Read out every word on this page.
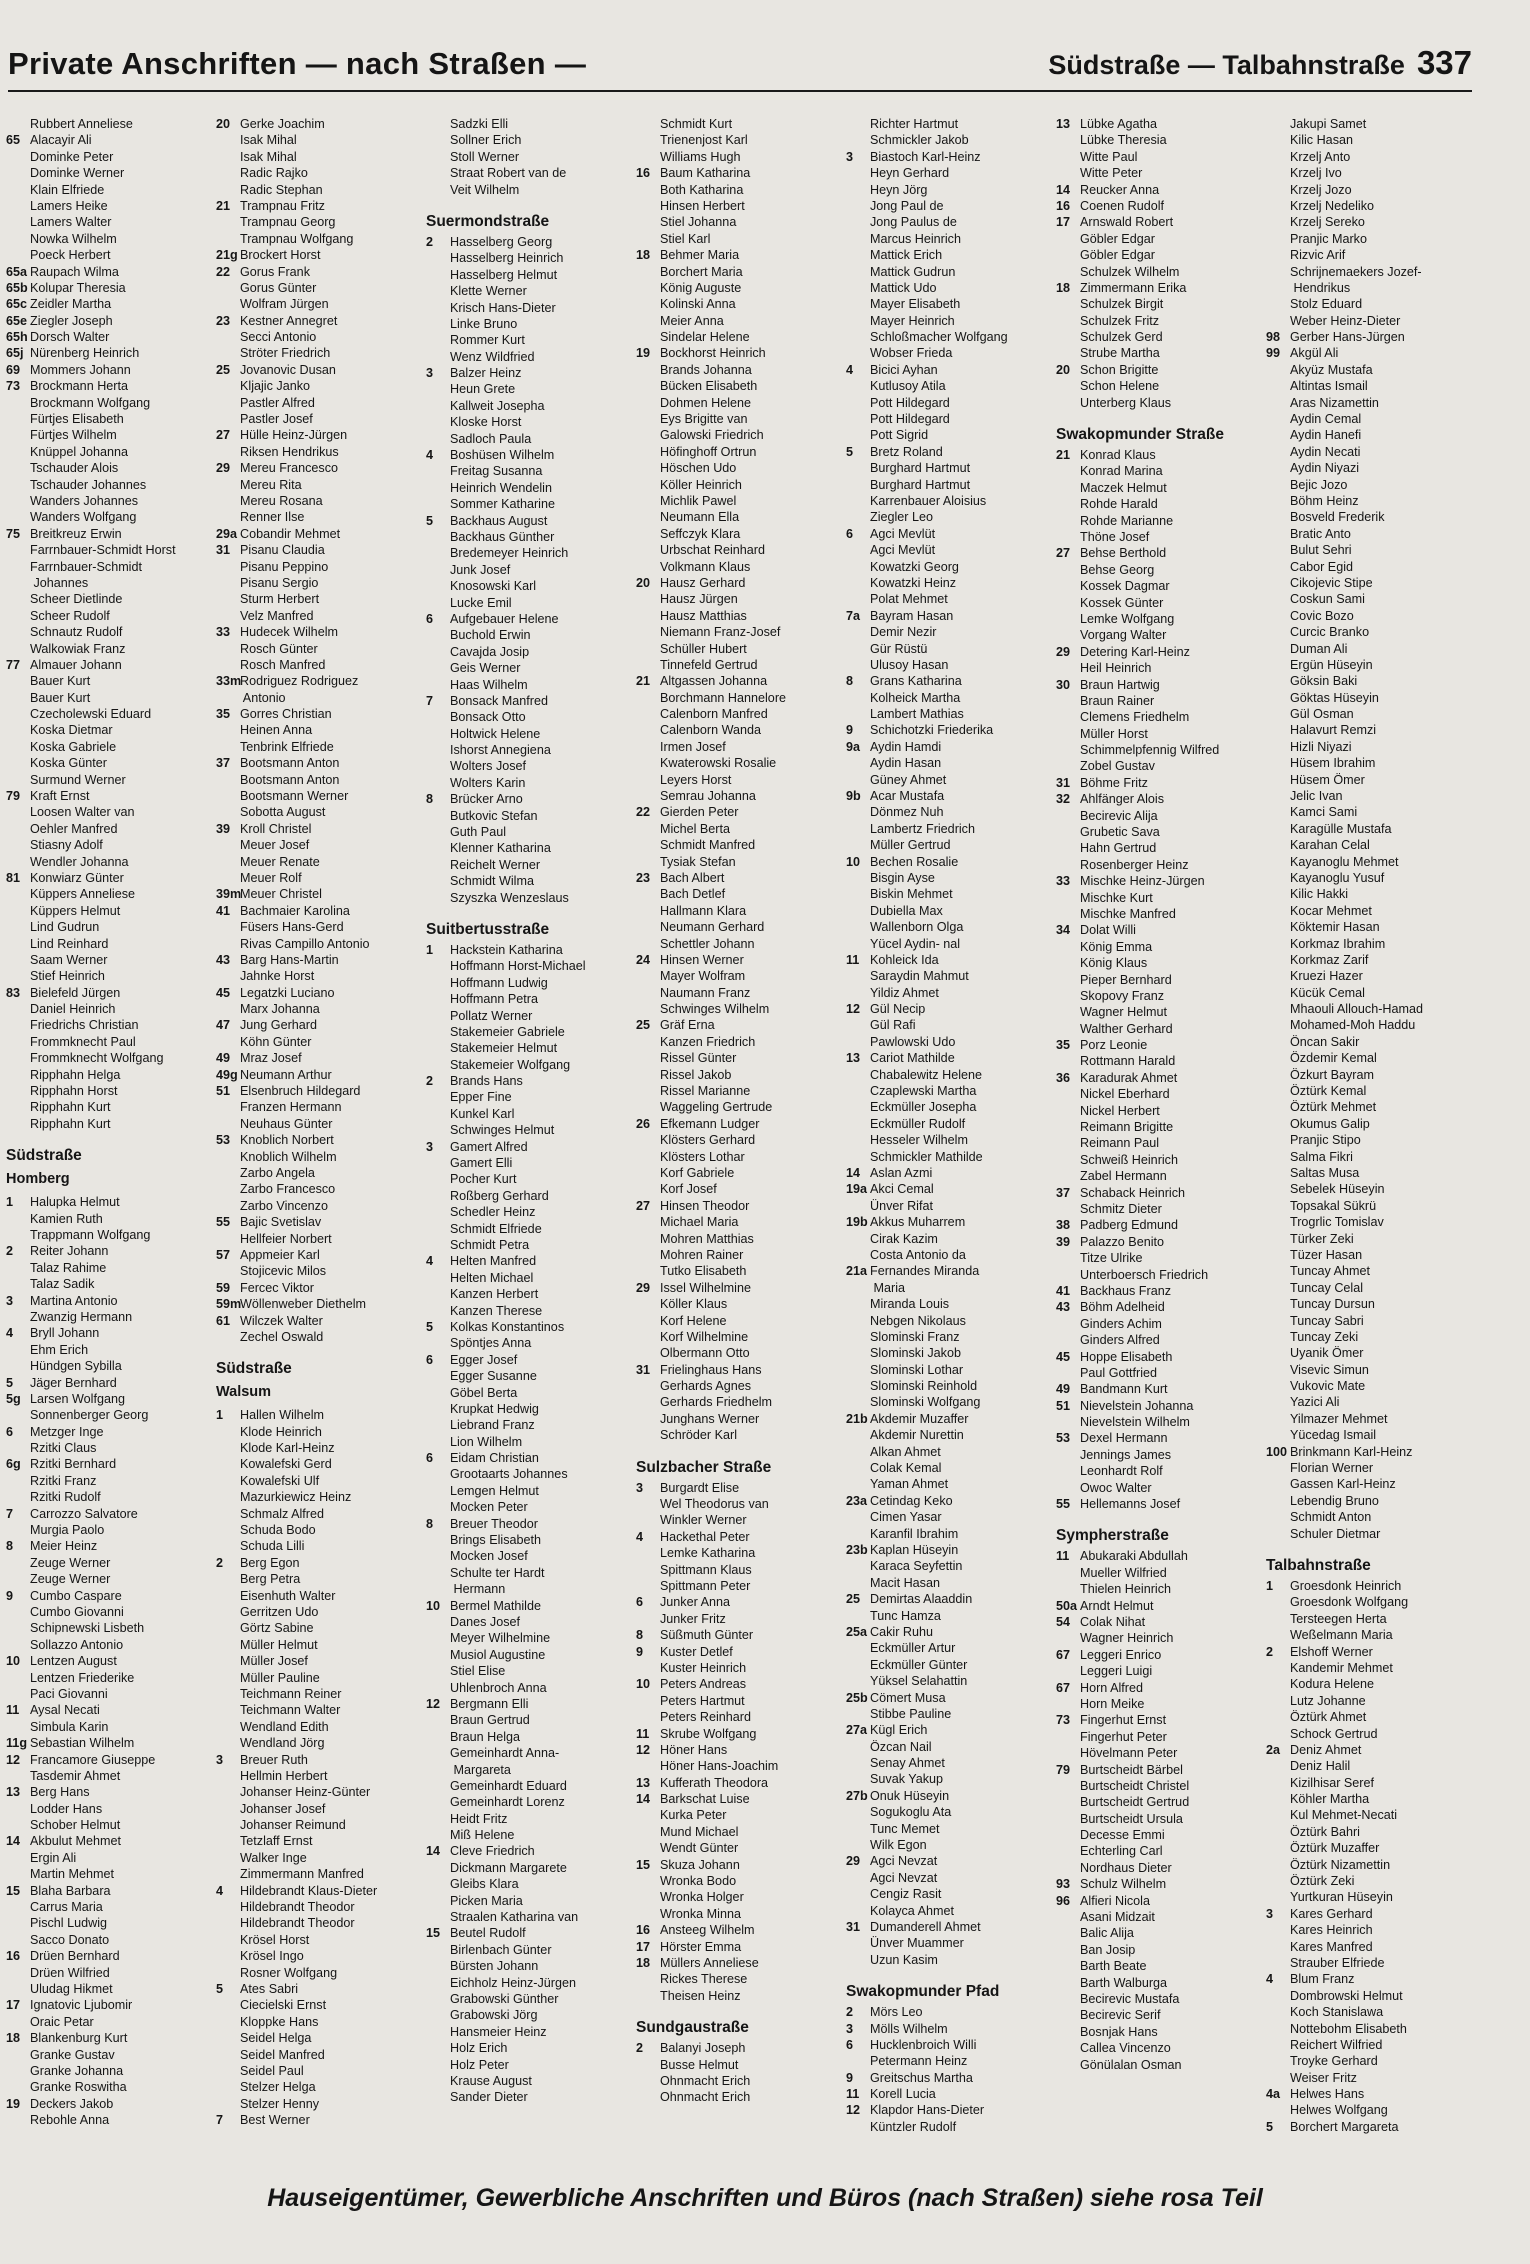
Private Anschriften — nach Straßen —	Südstraße — Talbahnstraße 337
Rubbert Anneliese
65 Alacayir Ali
Dominke Peter
Dominke Werner
Klain Elfriede
Lamers Heike
Lamers Walter
Nowka Wilhelm
Poeck Herbert
65a Raupach Wilma
65b Kolupar Theresia
65c Zeidler Martha
65e Ziegler Joseph
65h Dorsch Walter
65j Nürenberg Heinrich
69 Mommers Johann
73 Brockmann Herta
Brockmann Wolfgang
Fürtjes Elisabeth
Fürtjes Wilhelm
Knüppel Johanna
Tschauder Alois
Tschauder Johannes
Wanders Johannes
Wanders Wolfgang
75 Breitkreuz Erwin
Farrnbauer-Schmidt Horst
Farrnbauer-Schmidt
Johannes
Scheer Dietlinde
Scheer Rudolf
Schnautz Rudolf
Walkowiak Franz
77 Almauer Johann
Bauer Kurt
Bauer Kurt
Czecholewski Eduard
Koska Dietmar
Koska Gabriele
Koska Günter
Surmund Werner
79 Kraft Ernst
Loosen Walter van
Oehler Manfred
Stiasny Adolf
Wendler Johanna
81 Konwiarz Günter
Küppers Anneliese
Küppers Helmut
Lind Gudrun
Lind Reinhard
Saam Werner
Stief Heinrich
83 Bielefeld Jürgen
Daniel Heinrich
Friedrichs Christian
Frommknecht Paul
Frommknecht Wolfgang
Ripphahn Helga
Ripphahn Horst
Ripphahn Kurt
Ripphahn Kurt
Südstraße
Homberg
1 Halupka Helmut
Kamien Ruth
Trappmann Wolfgang
2 Reiter Johann
Talaz Rahime
Talaz Sadik
3 Martina Antonio
Zwanzig Hermann
4 Bryll Johann
Ehm Erich
Hündgen Sybilla
5 Jäger Bernhard
5g Larsen Wolfgang
Sonnenberger Georg
6 Metzger Inge
Rzitki Claus
6g Rzitki Bernhard
Rzitki Franz
Rzitki Rudolf
7 Carrozzo Salvatore
Murgia Paolo
8 Meier Heinz
Zeuge Werner
Zeuge Werner
9 Cumbo Caspare
Cumbo Giovanni
Schipnewski Lisbeth
Sollazzo Antonio
10 Lentzen August
Lentzen Friederike
Paci Giovanni
11 Aysal Necati
Simbula Karin
11g Sebastian Wilhelm
12 Francamore Giuseppe
Tasdemir Ahmet
13 Berg Hans
Lodder Hans
Schober Helmut
14 Akbulut Mehmet
Ergin Ali
Martin Mehmet
15 Blaha Barbara
Carrus Maria
Pischl Ludwig
Sacco Donato
16 Drüen Bernhard
Drüen Wilfried
Uludag Hikmet
17 Ignatovic Ljubomir
Oraic Petar
18 Blankenburg Kurt
Granke Gustav
Granke Johanna
Granke Roswitha
19 Deckers Jakob
Rebohle Anna
20 Gerke Joachim
Isak Mihal
Isak Mihal
Radic Rajko
Radic Stephan
21 Trampnau Fritz
Trampnau Georg
Trampnau Wolfgang
21g Brockert Horst
22 Gorus Frank
Gorus Günter
Wolfram Jürgen
23 Kestner Annegret
Secci Antonio
Ströter Friedrich
25 Jovanovic Dusan
Kljajic Janko
Pastler Alfred
Pastler Josef
27 Hülle Heinz-Jürgen
Riksen Hendrikus
29 Mereu Francesco
Mereu Rita
Mereu Rosana
Renner Ilse
29a Cobandir Mehmet
31 Pisanu Claudia
Pisanu Peppino
Pisanu Sergio
Sturm Herbert
Velz Manfred
33 Hudecek Wilhelm
Rosch Günter
Rosch Manfred
33mRodriguez Rodriguez
Antonio
35 Gorres Christian
Heinen Anna
Tenbrink Elfriede
37 Bootsmann Anton
Bootsmann Anton
Bootsmann Werner
Sobotta August
39 Kroll Christel
Meuer Josef
Meuer Renate
Meuer Rolf
39mMeuer Christel
41 Bachmaier Karolina
Füsers Hans-Gerd
Rivas Campillo Antonio
43 Barg Hans-Martin
Jahnke Horst
45 Legatzki Luciano
Marx Johanna
47 Jung Gerhard
Köhn Günter
49 Mraz Josef
49g Neumann Arthur
51 Elsenbruch Hildegard
Franzen Hermann
Neuhaus Günter
53 Knoblich Norbert
Knoblich Wilhelm
Zarbo Angela
Zarbo Francesco
Zarbo Vincenzo
55 Bajic Svetislav
Hellfeier Norbert
57 Appmeier Karl
Stojicevic Milos
59 Fercec Viktor
59mWöllenweber Diethelm
61 Wilczek Walter
Zechel Oswald
Südstraße
Walsum
1 Hallen Wilhelm
Klode Heinrich
Klode Karl-Heinz
Kowalefski Gerd
Kowalefski Ulf
Mazurkiewicz Heinz
Schmalz Alfred
Schuda Bodo
Schuda Lilli
2 Berg Egon
Berg Petra
Eisenhuth Walter
Gerritzen Udo
Görtz Sabine
Müller Helmut
Müller Josef
Müller Pauline
Teichmann Reiner
Teichmann Walter
Wendland Edith
Wendland Jörg
3 Breuer Ruth
Hellmin Herbert
Johanser Heinz-Günter
Johanser Josef
Johanser Reimund
Tetzlaff Ernst
Walker Inge
Zimmermann Manfred
4 Hildebrandt Klaus-Dieter
Hildebrandt Theodor
Hildebrandt Theodor
Krösel Horst
Krösel Ingo
Rosner Wolfgang
5 Ates Sabri
Ciecielski Ernst
Kloppke Hans
Seidel Helga
Seidel Manfred
Seidel Paul
Stelzer Helga
Stelzer Henny
7 Best Werner
Sadzki Elli
Sollner Erich
Stoll Werner
Straat Robert van de
Veit Wilhelm
Suermondstraße
2 Hasselberg Georg
Hasselberg Heinrich
Hasselberg Helmut
Klette Werner
Krisch Hans-Dieter
Linke Bruno
Rommer Kurt
Wenz Wildfried
3 Balzer Heinz
Heun Grete
Kallweit Josepha
Kloske Horst
Sadloch Paula
4 Boshüsen Wilhelm
Freitag Susanna
Heinrich Wendelin
Sommer Katharine
5 Backhaus August
Backhaus Günther
Bredemeyer Heinrich
Junk Josef
Knosowski Karl
Lucke Emil
6 Aufgebauer Helene
Buchold Erwin
Cavajda Josip
Geis Werner
Haas Wilhelm
7 Bonsack Manfred
Bonsack Otto
Holtwick Helene
Ishorst Annegiena
Wolters Josef
Wolters Karin
8 Brücker Arno
Butkovic Stefan
Guth Paul
Klenner Katharina
Reichelt Werner
Schmidt Wilma
Szyszka Wenzeslaus
Suitbertusstraße
1 Hackstein Katharina
Hoffmann Horst-Michael
Hoffmann Ludwig
Hoffmann Petra
Pollatz Werner
Stakemeier Gabriele
Stakemeier Helmut
Stakemeier Wolfgang
2 Brands Hans
Epper Fine
Kunkel Karl
Schwinges Helmut
3 Gamert Alfred
Gamert Elli
Pocher Kurt
Roßberg Gerhard
Schedler Heinz
Schmidt Elfriede
Schmidt Petra
4 Helten Manfred
Helten Michael
Kanzen Herbert
Kanzen Therese
5 Kolkas Konstantinos
Spöntjes Anna
6 Egger Josef
Egger Susanne
Göbel Berta
Krupkat Hedwig
Liebrand Franz
Lion Wilhelm
6 Eidam Christian
Grootaarts Johannes
Lemgen Helmut
Mocken Peter
8 Breuer Theodor
Brings Elisabeth
Mocken Josef
Schulte ter Hardt
Hermann
10 Bermel Mathilde
Danes Josef
Meyer Wilhelmine
Musiol Augustine
Stiel Elise
Uhlenbroch Anna
12 Bergmann Elli
Braun Gertrud
Braun Helga
Gemeinhardt Anna-
Margareta
Gemeinhardt Eduard
Gemeinhardt Lorenz
Heidt Fritz
Miß Helene
14 Cleve Friedrich
Dickmann Margarete
Gleibs Klara
Picken Maria
Straalen Katharina van
15 Beutel Rudolf
Birlenbach Günter
Bürsten Johann
Eichholz Heinz-Jürgen
Grabowski Günther
Grabowski Jörg
Hansmeier Heinz
Holz Erich
Holz Peter
Krause August
Sander Dieter
Schmidt Kurt
Trienenjost Karl
Williams Hugh
16 Baum Katharina
Both Katharina
Hinsen Herbert
Stiel Johanna
Stiel Karl
18 Behmer Maria
Borchert Maria
König Auguste
Kolinski Anna
Meier Anna
Sindelar Helene
19 Bockhorst Heinrich
Brands Johanna
Bücken Elisabeth
Dohmen Helene
Eys Brigitte van
Galowski Friedrich
Höfinghoff Ortrun
Höschen Udo
Köller Heinrich
Michlik Pawel
Neumann Ella
Seffczyk Klara
Urbschat Reinhard
Volkmann Klaus
20 Hausz Gerhard
Hausz Jürgen
Hausz Matthias
Niemann Franz-Josef
Schüller Hubert
Tinnefeld Gertrud
21 Altgassen Johanna
Borchmann Hannelore
Calenborn Manfred
Calenborn Wanda
Irmen Josef
Kwaterowski Rosalie
Leyers Horst
Semrau Johanna
22 Gierden Peter
Michel Berta
Schmidt Manfred
Tysiak Stefan
23 Bach Albert
Bach Detlef
Hallmann Klara
Neumann Gerhard
Schettler Johann
24 Hinsen Werner
Mayer Wolfram
Naumann Franz
Schwinges Wilhelm
25 Gräf Erna
Kanzen Friedrich
Rissel Günter
Rissel Jakob
Rissel Marianne
Waggeling Gertrude
26 Efkemann Ludger
Klösters Gerhard
Klösters Lothar
Korf Gabriele
Korf Josef
27 Hinsen Theodor
Michael Maria
Mohren Matthias
Mohren Rainer
Tutko Elisabeth
29 Issel Wilhelmine
Köller Klaus
Korf Helene
Korf Wilhelmine
Olbermann Otto
31 Frielinghaus Hans
Gerhards Agnes
Gerhards Friedhelm
Junghans Werner
Schröder Karl
Sulzbacher Straße
3 Burgardt Elise
Wel Theodorus van
Winkler Werner
4 Hackethal Peter
Lemke Katharina
Spittmann Klaus
Spittmann Peter
6 Junker Anna
Junker Fritz
8 Süßmuth Günter
9 Kuster Detlef
Kuster Heinrich
10 Peters Andreas
Peters Hartmut
Peters Reinhard
11 Skrube Wolfgang
12 Höner Hans
Höner Hans-Joachim
13 Kufferath Theodora
14 Barkschat Luise
Kurka Peter
Mund Michael
Wendt Günter
15 Skuza Johann
Wronka Bodo
Wronka Holger
Wronka Minna
16 Ansteeg Wilhelm
17 Hörster Emma
18 Müllers Anneliese
Rickes Therese
Theisen Heinz
Sundgaustraße
2 Balanyi Joseph
Busse Helmut
Ohnmacht Erich
Ohnmacht Erich
Richter Hartmut
Schmickler Jakob
3 Biastoch Karl-Heinz
Heyn Gerhard
Heyn Jörg
Jong Paul de
Jong Paulus de
Marcus Heinrich
Mattick Erich
Mattick Gudrun
Mattick Udo
Mayer Elisabeth
Mayer Heinrich
Schloßmacher Wolfgang
Wobser Frieda
4 Bicici Ayhan
Kutlusoy Atila
Pott Hildegard
Pott Hildegard
Pott Sigrid
5 Bretz Roland
Burghard Hartmut
Burghard Hartmut
Karrenbauer Aloisius
Ziegler Leo
6 Agci Mevlüt
Agci Mevlüt
Kowatzki Georg
Kowatzki Heinz
Polat Mehmet
7a Bayram Hasan
Demir Nezir
Gür Rüstü
Ulusoy Hasan
8 Grans Katharina
Kolheick Martha
Lambert Mathias
9 Schichotzki Friederika
9a Aydin Hamdi
Aydin Hasan
Güney Ahmet
9b Acar Mustafa
Dönmez Nuh
Lambertz Friedrich
Müller Gertrud
10 Bechen Rosalie
Bisgin Ayse
Biskin Mehmet
Dubiella Max
Wallenborn Olga
Yücel Aydin- nal
11 Kohleick Ida
Saraydin Mahmut
Yildiz Ahmet
12 Gül Necip
Gül Rafi
Pawlowski Udo
13 Cariot Mathilde
Chabalewitz Helene
Czaplewski Martha
Eckmüller Josepha
Eckmüller Rudolf
Hesseler Wilhelm
Schmickler Mathilde
14 Aslan Azmi
19a Akci Cemal
Ünver Rifat
19b Akkus Muharrem
Cirak Kazim
Costa Antonio da
21a Fernandes Miranda
Maria
Miranda Louis
Nebgen Nikolaus
Slominski Franz
Slominski Jakob
Slominski Lothar
Slominski Reinhold
Slominski Wolfgang
21b Akdemir Muzaffer
Akdemir Nurettin
Alkan Ahmet
Colak Kemal
Yaman Ahmet
23a Cetindag Keko
Cimen Yasar
Karanfil Ibrahim
23b Kaplan Hüseyin
Karaca Seyfettin
Macit Hasan
25 Demirtas Alaaddin
Tunc Hamza
25a Cakir Ruhu
Eckmüller Artur
Eckmüller Günter
Yüksel Selahattin
25b Cömert Musa
Stibbe Pauline
27a Kügl Erich
Özcan Nail
Senay Ahmet
Suvak Yakup
27b Onuk Hüseyin
Sogukoglu Ata
Tunc Memet
Wilk Egon
29 Agci Nevzat
Agci Nevzat
Cengiz Rasit
Kolayca Ahmet
31 Dumanderell Ahmet
Ünver Muammer
Uzun Kasim
Swakopmunder Pfad
2 Mörs Leo
3 Mölls Wilhelm
6 Hucklenbroich Willi
Petermann Heinz
9 Greitschus Martha
11 Korell Lucia
12 Klapdor Hans-Dieter
Küntzler Rudolf
13 Lübke Agatha
Lübke Theresia
Witte Paul
Witte Peter
14 Reucker Anna
16 Coenen Rudolf
17 Arnswald Robert
Göbler Edgar
Göbler Edgar
Schulzek Wilhelm
18 Zimmermann Erika
Schulzek Birgit
Schulzek Fritz
Schulzek Gerd
Strube Martha
20 Schon Brigitte
Schon Helene
Unterberg Klaus
Swakopmunder Straße
21 Konrad Klaus
Konrad Marina
Maczek Helmut
Rohde Harald
Rohde Marianne
Thöne Josef
27 Behse Berthold
Behse Georg
Kossek Dagmar
Kossek Günter
Lemke Wolfgang
Vorgang Walter
29 Detering Karl-Heinz
Heil Heinrich
30 Braun Hartwig
Braun Rainer
Clemens Friedhelm
Müller Horst
Schimmelpfennig Wilfred
Zobel Gustav
31 Böhme Fritz
32 Ahlfänger Alois
Becirevic Alija
Grubetic Sava
Hahn Gertrud
Rosenberger Heinz
33 Mischke Heinz-Jürgen
Mischke Kurt
Mischke Manfred
34 Dolat Willi
König Emma
König Klaus
Pieper Bernhard
Skopovy Franz
Wagner Helmut
Walther Gerhard
35 Porz Leonie
Rottmann Harald
36 Karadurak Ahmet
Nickel Eberhard
Nickel Herbert
Reimann Brigitte
Reimann Paul
Schweiß Heinrich
Zabel Hermann
37 Schaback Heinrich
Schmitz Dieter
38 Padberg Edmund
39 Palazzo Benito
Titze Ulrike
Unterboersch Friedrich
41 Backhaus Franz
43 Böhm Adelheid
Ginders Achim
Ginders Alfred
45 Hoppe Elisabeth
Paul Gottfried
49 Bandmann Kurt
51 Nievelstein Johanna
Nievelstein Wilhelm
53 Dexel Hermann
Jennings James
Leonhardt Rolf
Owoc Walter
55 Hellemanns Josef
Sympherstraße
11 Abukaraki Abdullah
Mueller Wilfried
Thielen Heinrich
50a Arndt Helmut
54 Colak Nihat
Wagner Heinrich
67 Leggeri Enrico
Leggeri Luigi
67 Horn Alfred
Horn Meike
73 Fingerhut Ernst
Fingerhut Peter
Hövelmann Peter
79 Burtscheidt Bärbel
Burtscheidt Christel
Burtscheidt Gertrud
Burtscheidt Ursula
Decesse Emmi
Echterling Carl
Nordhaus Dieter
93 Schulz Wilhelm
96 Alfieri Nicola
Asani Midzait
Balic Alija
Ban Josip
Barth Beate
Barth Walburga
Becirevic Mustafa
Becirevic Serif
Bosnjak Hans
Callea Vincenzo
Gönülalan Osman
Jakupi Samet
Kilic Hasan
Krzelj Anto
Krzelj Ivo
Krzelj Jozo
Krzelj Nedeliko
Krzelj Sereko
Pranjic Marko
Rizvic Arif
Schrijnemaekers Jozef-
Hendrikus
Stolz Eduard
Weber Heinz-Dieter
98 Gerber Hans-Jürgen
99 Akgül Ali
Akyüz Mustafa
Altintas Ismail
Aras Nizamettin
Aydin Cemal
Aydin Hanefi
Aydin Necati
Aydin Niyazi
Bejic Jozo
Böhm Heinz
Bosveld Frederik
Bratic Anto
Bulut Sehri
Cabor Egid
Cikojevic Stipe
Coskun Sami
Covic Bozo
Curcic Branko
Duman Ali
Ergün Hüseyin
Göksin Baki
Göktas Hüseyin
Gül Osman
Halavurt Remzi
Hizli Niyazi
Hüsem Ibrahim
Hüsem Ömer
Jelic Ivan
Kamci Sami
Karagülle Mustafa
Karahan Celal
Kayanoglu Mehmet
Kayanoglu Yusuf
Kilic Hakki
Kocar Mehmet
Köktemir Hasan
Korkmaz Ibrahim
Korkmaz Zarif
Kruezi Hazer
Kücük Cemal
Mhaouli Allouch-Hamad
Mohamed-Moh Haddu
Öncan Sakir
Özdemir Kemal
Özkurt Bayram
Öztürk Kemal
Öztürk Mehmet
Okumus Galip
Pranjic Stipo
Salma Fikri
Saltas Musa
Sebelek Hüseyin
Topsakal Sükrü
Trogrlic Tomislav
Türker Zeki
Tüzer Hasan
Tuncay Ahmet
Tuncay Celal
Tuncay Dursun
Tuncay Sabri
Tuncay Zeki
Uyanik Ömer
Visevic Simun
Vukovic Mate
Yazici Ali
Yilmazer Mehmet
Yücedag Ismail
100 Brinkmann Karl-Heinz
Florian Werner
Gassen Karl-Heinz
Lebendig Bruno
Schmidt Anton
Schuler Dietmar
Talbahnstraße
1 Groesdonk Heinrich
Groesdonk Wolfgang
Tersteegen Herta
Weßelmann Maria
2 Elshoff Werner
Kandemir Mehmet
Kodura Helene
Lutz Johanne
Öztürk Ahmet
Schock Gertrud
2a Deniz Ahmet
Deniz Halil
Kizilhisar Seref
Köhler Martha
Kul Mehmet-Necati
Öztürk Bahri
Öztürk Muzaffer
Öztürk Nizamettin
Öztürk Zeki
Yurtkuran Hüseyin
3 Kares Gerhard
Kares Heinrich
Kares Manfred
Strauber Elfriede
4 Blum Franz
Dombrowski Helmut
Koch Stanislawa
Nottebohm Elisabeth
Reichert Wilfried
Troyke Gerhard
Weiser Fritz
4a Helwes Hans
Helwes Wolfgang
5 Borchert Margareta
Hauseigentümer, Gewerbliche Anschriften und Büros (nach Straßen) siehe rosa Teil
